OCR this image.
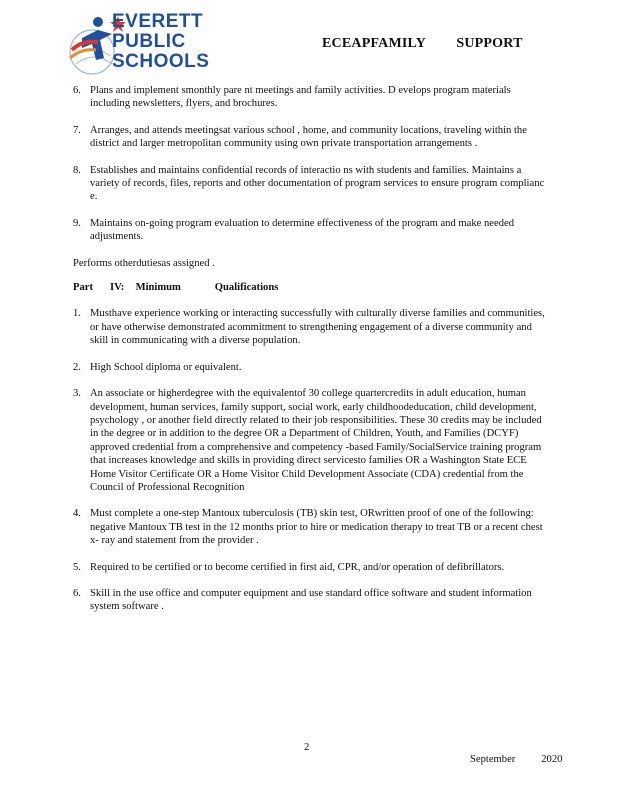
EVERETT
PUBLIC
SCHOOLS
ECEAPFAMILY    SUPPORT
6. Plans and implement smonthly pare nt meetings and family activities. D evelops program materials including newsletters, flyers, and brochures.
7. Arranges, and attends meetingsat various school , home, and community locations, traveling within the district and larger metropolitan community using own private transportation arrangements .
8. Establishes and maintains confidential records of interactio ns with students and families. Maintains a variety of records, files, reports and other documentation of program services to ensure program complianc e.
9. Maintains on-going program evaluation to determine effectiveness of the program and make needed adjustments.
Performs otherdutiesas assigned .
Part   IV:  Minimum      Qualifications
1. Musthave experience working or interacting successfully with culturally diverse families and communities, or have otherwise demonstrated acommitment to strengthening engagement of a diverse community and skill in communicating with a diverse population.
2. High School diploma or equivalent.
3. An associate or higherdegree with the equivalentof 30 college quartercredits in adult education, human development, human services, family support, social work, early childhoodeducation, child development, psychology , or another field directly related to their job responsibilities. These 30 credits may be included in the degree or in addition to the degree OR a Department of Children, Youth, and Families (DCYF) approved credential from a comprehensive and competency -based Family/SocialService training program that increases knowledge and skills in providing direct servicesto families OR a Washington State ECE Home Visitor Certificate OR a Home Visitor Child Development Associate (CDA) credential from the Council of Professional Recognition
4. Must complete a one-step Mantoux tuberculosis (TB) skin test, ORwritten proof of one of the following: negative Mantoux TB test in the 12 months prior to hire or medication therapy to treat TB or a recent chest x- ray and statement from the provider .
5. Required to be certified or to become certified in first aid, CPR, and/or operation of defibrillators.
6. Skill in the use office and computer equipment and use standard office software and student information system software .
2
September   2020
